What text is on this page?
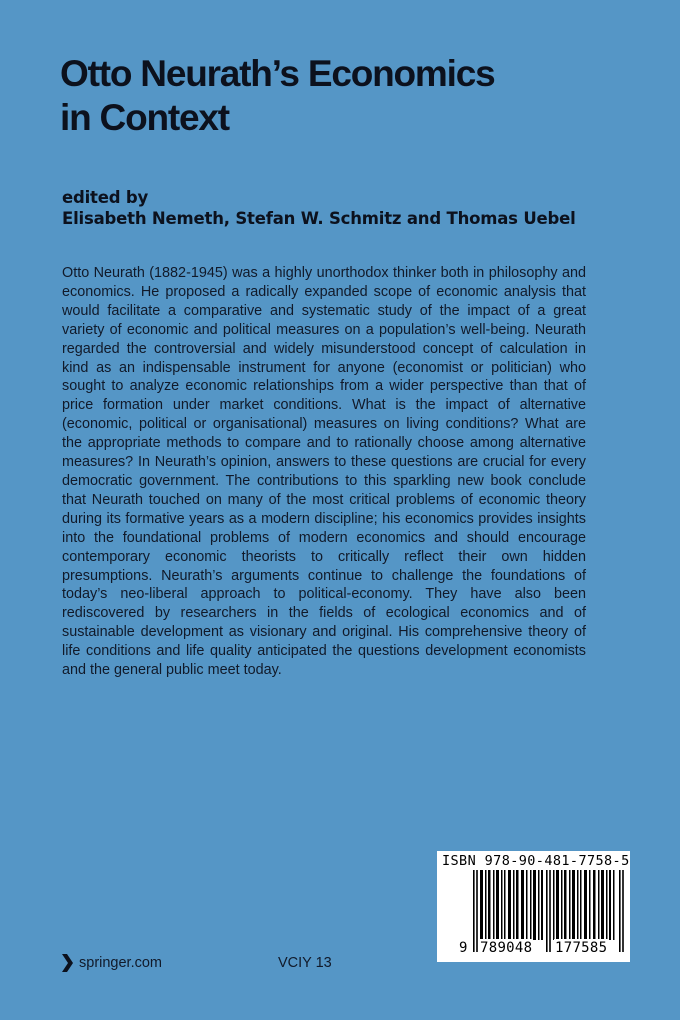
Otto Neurath’s Economics
in Context
edited by
Elisabeth Nemeth, Stefan W. Schmitz and Thomas Uebel

Otto Neurath (1882-1945) was a highly unorthodox thinker both in philosophy and economics. He proposed a radically expanded scope of economic analysis that would facilitate a comparative and systematic study of the impact of a great variety of economic and political measures on a population’s well-being. Neurath regarded the controversial and widely misunderstood concept of calculation in kind as an indispensable instrument for anyone (economist or politician) who sought to analyze economic relationships from a wider perspective than that of price formation under market conditions. What is the impact of alternative (economic, political or organisational) measures on living conditions? What are the appropriate methods to compare and to rationally choose among alternative measures? In Neurath’s opinion, answers to these questions are crucial for every democratic government. The contributions to this sparkling new book conclude that Neurath touched on many of the most critical problems of economic theory during its formative years as a modern discipline; his economics provides insights into the foundational problems of modern economics and should encourage contemporary economic theorists to critically reflect their own hidden presumptions. Neurath’s arguments continue to challenge the foundations of today’s neo-liberal approach to political-economy. They have also been rediscovered by researchers in the fields of ecological economics and of sustainable development as visionary and original. His comprehensive theory of life conditions and life quality anticipated the questions development economists and the general public meet today.

springer.com	VCIY 13
ISBN 978-90-481-7758-5
9 789048 177585
